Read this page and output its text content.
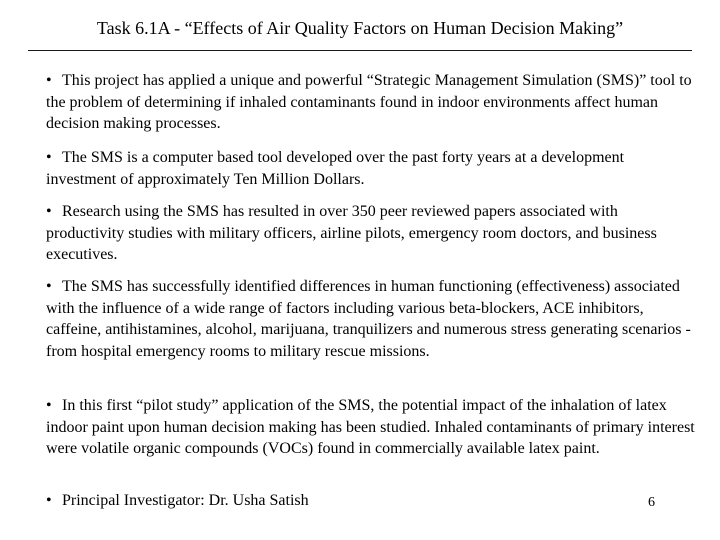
Task 6.1A - “Effects of Air Quality Factors on Human Decision Making”
• This project has applied a unique and powerful “Strategic Management Simulation (SMS)” tool to the problem of determining if inhaled contaminants found in indoor environments affect human decision making processes.
• The SMS is a computer based tool developed over the past forty years at a development investment of approximately Ten Million Dollars.
• Research using the SMS has resulted in over 350 peer reviewed papers associated with productivity studies with military officers, airline pilots, emergency room doctors, and business executives.
• The SMS has successfully identified differences in human functioning (effectiveness) associated with the influence of a wide range of factors including various beta-blockers, ACE inhibitors, caffeine, antihistamines, alcohol, marijuana, tranquilizers and numerous stress generating scenarios - from hospital emergency rooms to military rescue missions.
• In this first “pilot study” application of the SMS, the potential impact of the inhalation of latex indoor paint upon human decision making has been studied. Inhaled contaminants of primary interest were volatile organic compounds (VOCs) found in commercially available latex paint.
• Principal Investigator: Dr. Usha Satish	6
